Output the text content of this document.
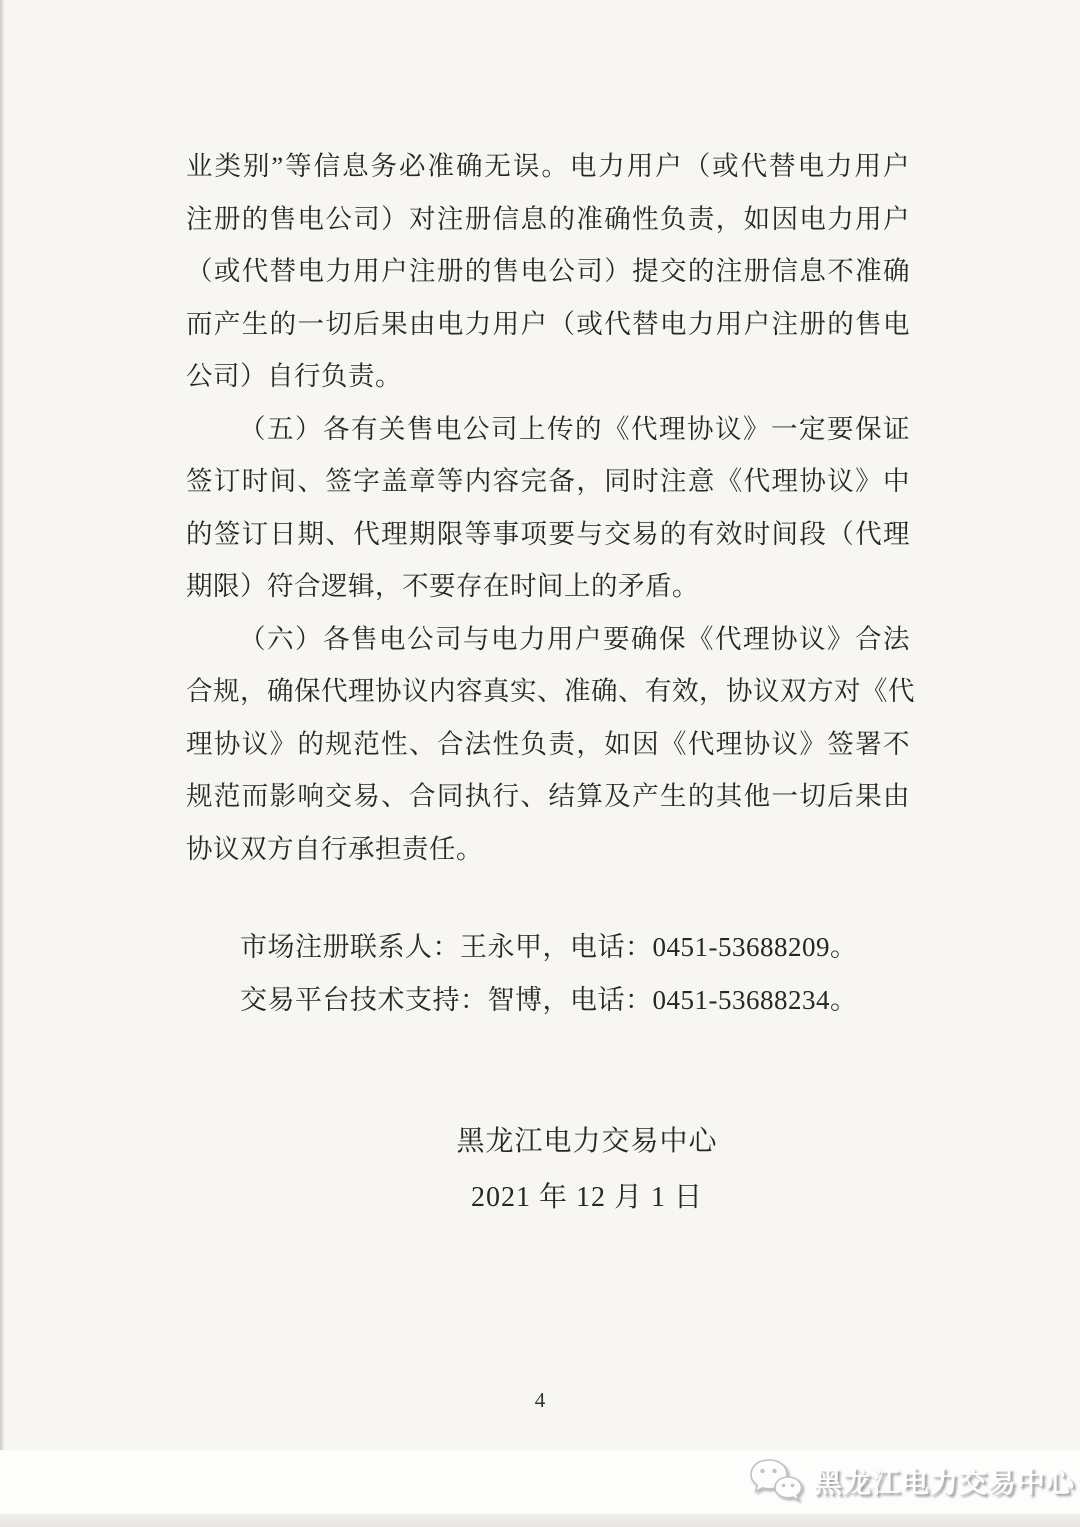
业类别”等信息务必准确无误。电力用户（或代替电力用户
注册的售电公司）对注册信息的准确性负责，如因电力用户
（或代替电力用户注册的售电公司）提交的注册信息不准确
而产生的一切后果由电力用户（或代替电力用户注册的售电
公司）自行负责。
（五）各有关售电公司上传的《代理协议》一定要保证
签订时间、签字盖章等内容完备，同时注意《代理协议》中
的签订日期、代理期限等事项要与交易的有效时间段（代理
期限）符合逻辑，不要存在时间上的矛盾。
（六）各售电公司与电力用户要确保《代理协议》合法
合规，确保代理协议内容真实、准确、有效，协议双方对《代
理协议》的规范性、合法性负责，如因《代理协议》签署不
规范而影响交易、合同执行、结算及产生的其他一切后果由
协议双方自行承担责任。
市场注册联系人：王永甲，电话：0451-53688209。
交易平台技术支持：智博，电话：0451-53688234。
黑龙江电力交易中心
2021 年 12 月 1 日
4
黑龙江电力交易中心
